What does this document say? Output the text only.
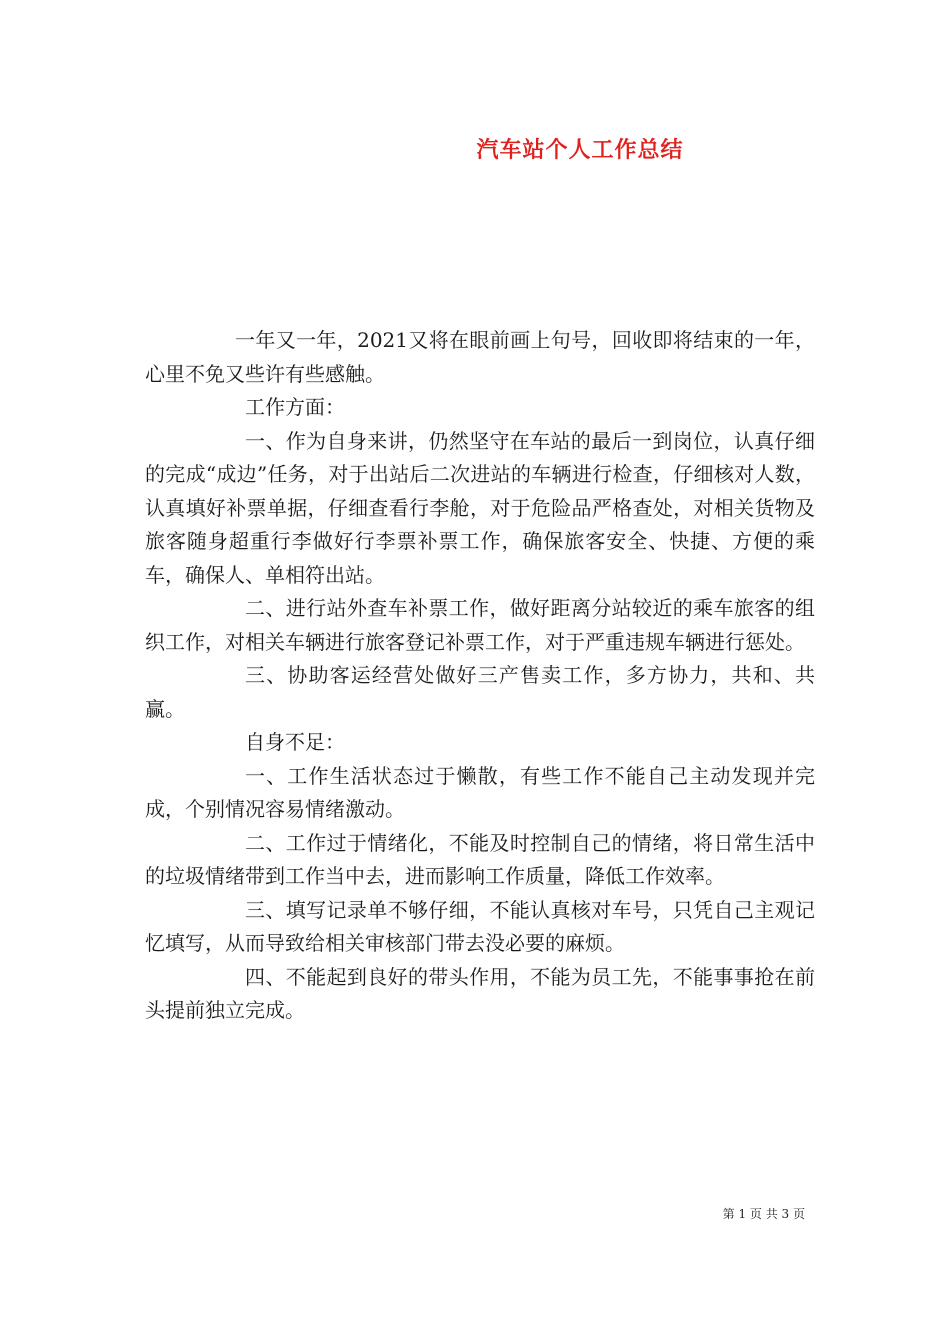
汽车站个人工作总结

一年又一年，2021又将在眼前画上句号，回收即将结束的一年，心里不免又些许有些感触。

工作方面：

一、作为自身来讲，仍然坚守在车站的最后一到岗位，认真仔细的完成“成边”任务，对于出站后二次进站的车辆进行检查，仔细核对人数，认真填好补票单据，仔细查看行李舱，对于危险品严格查处，对相关货物及旅客随身超重行李做好行李票补票工作，确保旅客安全、快捷、方便的乘车，确保人、单相符出站。

二、进行站外查车补票工作，做好距离分站较近的乘车旅客的组织工作，对相关车辆进行旅客登记补票工作，对于严重违规车辆进行惩处。

三、协助客运经营处做好三产售卖工作，多方协力，共和、共赢。

自身不足：

一、工作生活状态过于懒散，有些工作不能自己主动发现并完成，个别情况容易情绪激动。

二、工作过于情绪化，不能及时控制自己的情绪，将日常生活中的垃圾情绪带到工作当中去，进而影响工作质量，降低工作效率。

三、填写记录单不够仔细，不能认真核对车号，只凭自己主观记忆填写，从而导致给相关审核部门带去没必要的麻烦。

四、不能起到良好的带头作用，不能为员工先，不能事事抢在前头提前独立完成。

第 1 页 共 3 页
